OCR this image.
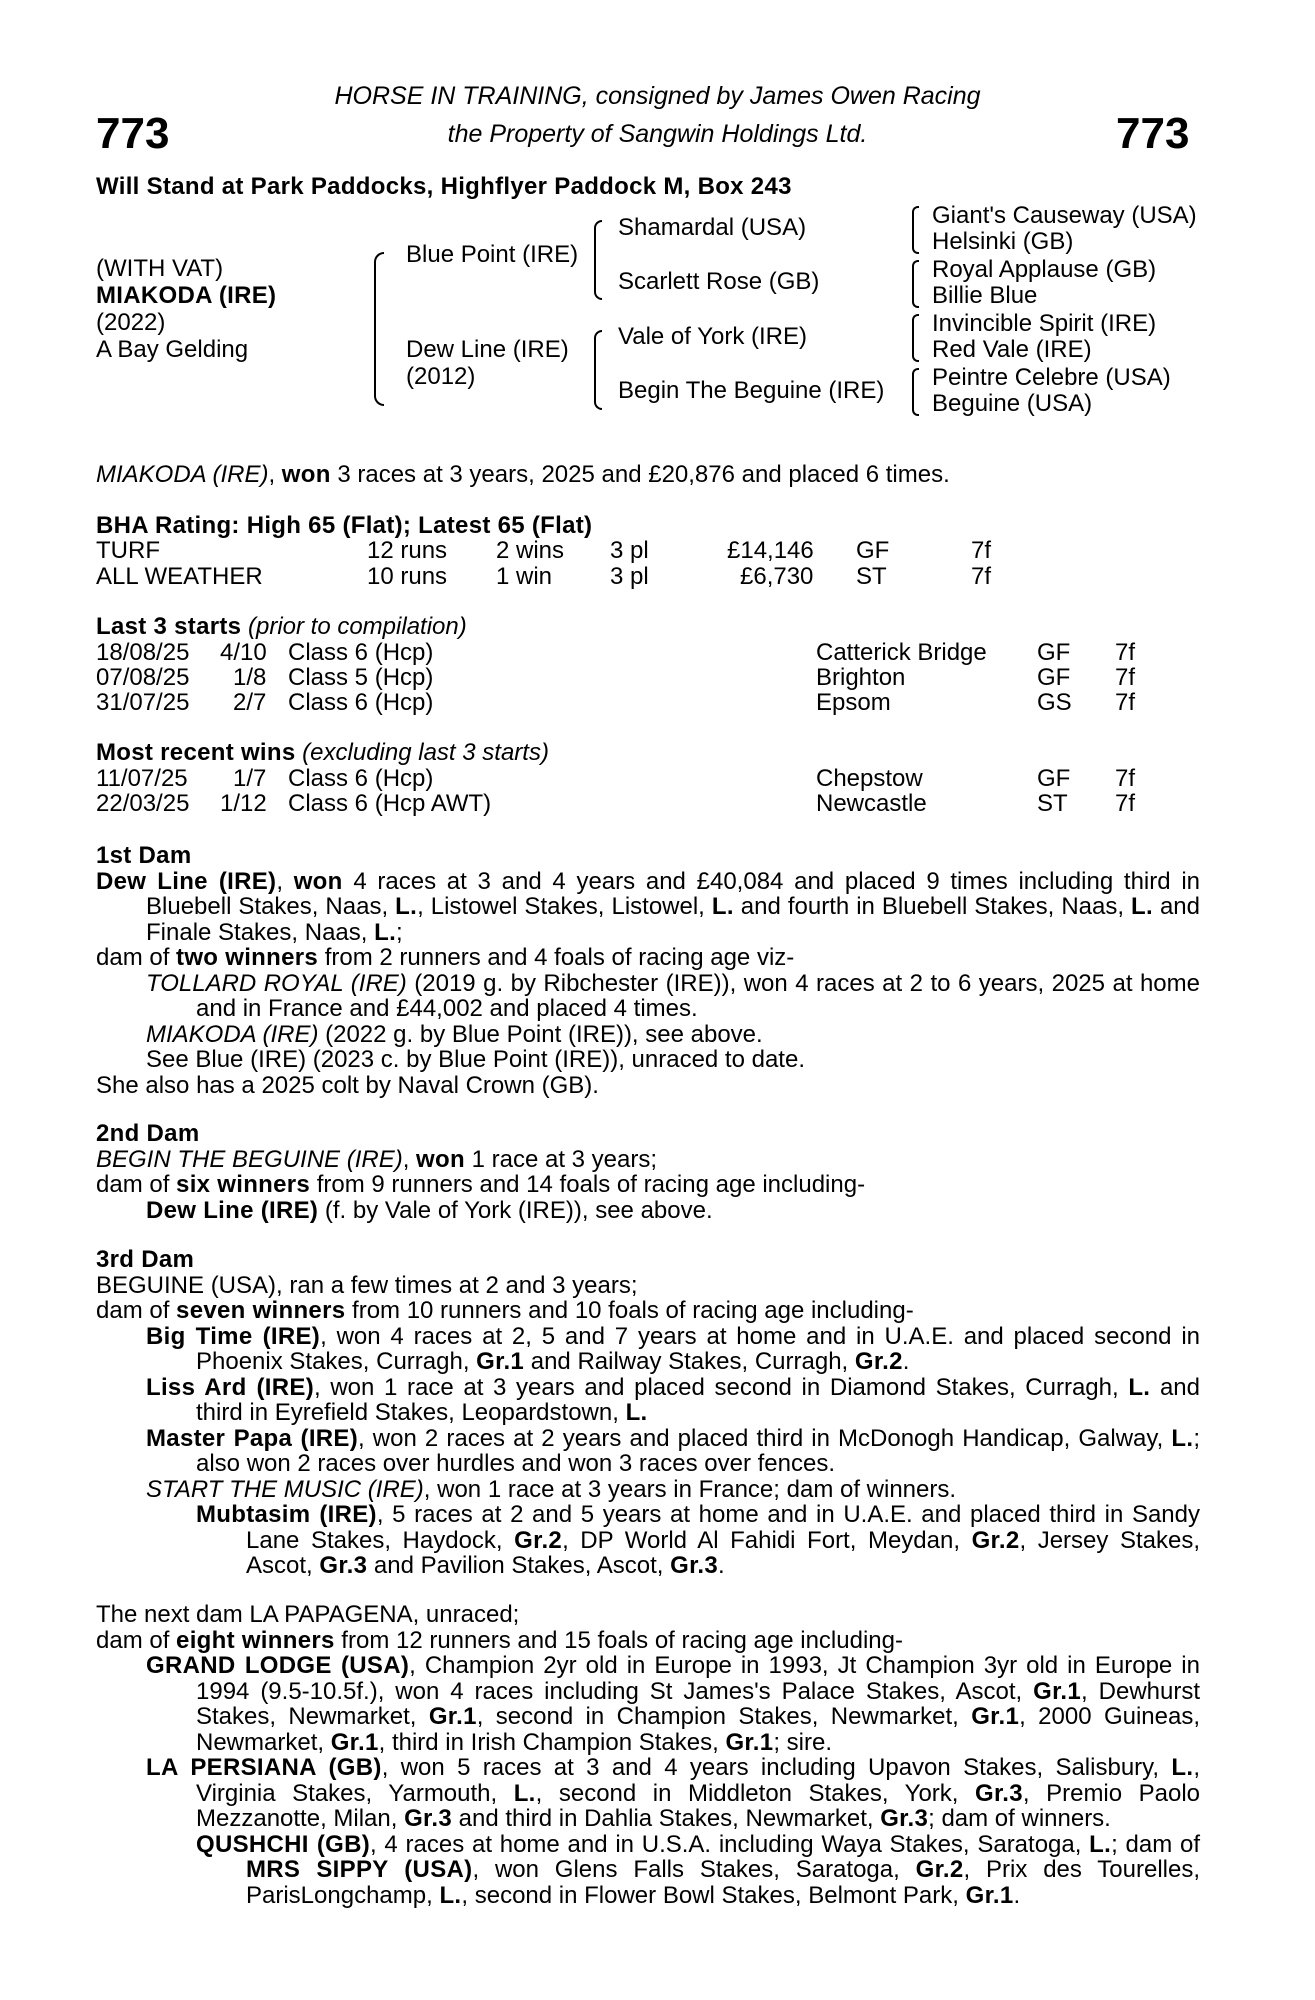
773	773
HORSE IN TRAINING, consigned by James Owen Racing
the Property of Sangwin Holdings Ltd.
Will Stand at Park Paddocks, Highflyer Paddock M, Box 243
(WITH VAT)
MIAKODA (IRE)
(2022)
A Bay Gelding
Blue Point (IRE)
Dew Line (IRE)
(2012)
Shamardal (USA)
Scarlett Rose (GB)
Vale of York (IRE)
Begin The Beguine (IRE)
Giant's Causeway (USA)
Helsinki (GB)
Royal Applause (GB)
Billie Blue
Invincible Spirit (IRE)
Red Vale (IRE)
Peintre Celebre (USA)
Beguine (USA)
MIAKODA (IRE), won 3 races at 3 years, 2025 and £20,876 and placed 6 times.
BHA Rating: High 65 (Flat); Latest 65 (Flat)
TURF	12 runs 2 wins 3 pl	£14,146 GF	7f
ALL WEATHER	10 runs 1 win 3 pl	£6,730 ST	7f
Last 3 starts (prior to compilation)
18/08/25 4/10 Class 6 (Hcp)	Catterick Bridge GF 7f
07/08/25 1/8 Class 5 (Hcp)	Brighton	GF 7f
31/07/25 2/7 Class 6 (Hcp)	Epsom	GS 7f
Most recent wins (excluding last 3 starts)
11/07/25 1/7 Class 6 (Hcp)	Chepstow	GF 7f
22/03/25 1/12 Class 6 (Hcp AWT)	Newcastle	ST 7f

1st Dam

Dew Line (IRE), won 4 races at 3 and 4 years and £40,084 and placed 9 times including third in Bluebell Stakes, Naas, L., Listowel Stakes, Listowel, L. and fourth in Bluebell Stakes, Naas, L. and Finale Stakes, Naas, L.;

dam of two winners from 2 runners and 4 foals of racing age viz-

TOLLARD ROYAL (IRE) (2019 g. by Ribchester (IRE)), won 4 races at 2 to 6 years, 2025 at home and in France and £44,002 and placed 4 times.

MIAKODA (IRE) (2022 g. by Blue Point (IRE)), see above.

See Blue (IRE) (2023 c. by Blue Point (IRE)), unraced to date.

She also has a 2025 colt by Naval Crown (GB).

2nd Dam

BEGIN THE BEGUINE (IRE), won 1 race at 3 years;

dam of six winners from 9 runners and 14 foals of racing age including-

Dew Line (IRE) (f. by Vale of York (IRE)), see above.

3rd Dam

BEGUINE (USA), ran a few times at 2 and 3 years;

dam of seven winners from 10 runners and 10 foals of racing age including-

Big Time (IRE), won 4 races at 2, 5 and 7 years at home and in U.A.E. and placed second in Phoenix Stakes, Curragh, Gr.1 and Railway Stakes, Curragh, Gr.2.

Liss Ard (IRE), won 1 race at 3 years and placed second in Diamond Stakes, Curragh, L. and third in Eyrefield Stakes, Leopardstown, L.

Master Papa (IRE), won 2 races at 2 years and placed third in McDonogh Handicap, Galway, L.; also won 2 races over hurdles and won 3 races over fences.

START THE MUSIC (IRE), won 1 race at 3 years in France; dam of winners.

Mubtasim (IRE), 5 races at 2 and 5 years at home and in U.A.E. and placed third in Sandy Lane Stakes, Haydock, Gr.2, DP World Al Fahidi Fort, Meydan, Gr.2, Jersey Stakes, Ascot, Gr.3 and Pavilion Stakes, Ascot, Gr.3.

The next dam LA PAPAGENA, unraced;

dam of eight winners from 12 runners and 15 foals of racing age including-

GRAND LODGE (USA), Champion 2yr old in Europe in 1993, Jt Champion 3yr old in Europe in 1994 (9.5-10.5f.), won 4 races including St James's Palace Stakes, Ascot, Gr.1, Dewhurst Stakes, Newmarket, Gr.1, second in Champion Stakes, Newmarket, Gr.1, 2000 Guineas, Newmarket, Gr.1, third in Irish Champion Stakes, Gr.1; sire.

LA PERSIANA (GB), won 5 races at 3 and 4 years including Upavon Stakes, Salisbury, L., Virginia Stakes, Yarmouth, L., second in Middleton Stakes, York, Gr.3, Premio Paolo Mezzanotte, Milan, Gr.3 and third in Dahlia Stakes, Newmarket, Gr.3; dam of winners.

QUSHCHI (GB), 4 races at home and in U.S.A. including Waya Stakes, Saratoga, L.; dam of MRS SIPPY (USA), won Glens Falls Stakes, Saratoga, Gr.2, Prix des Tourelles, ParisLongchamp, L., second in Flower Bowl Stakes, Belmont Park, Gr.1.
